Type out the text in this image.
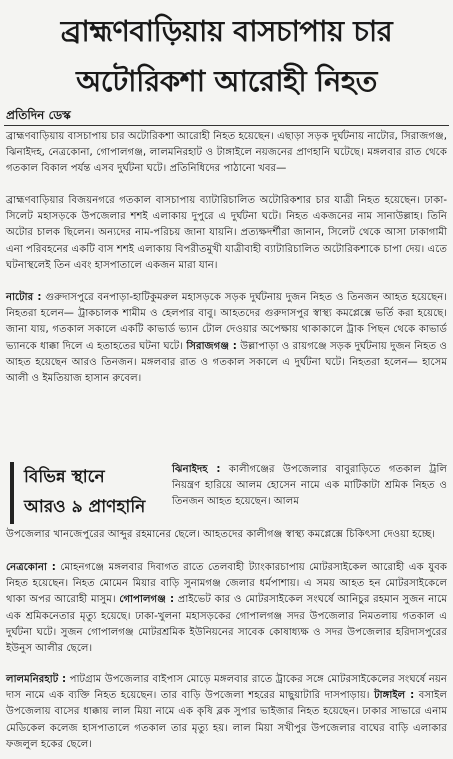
ব্রাহ্মণবাড়িয়ায় বাসচাপায় চার
অটোরিকশা আরোহী নিহত
প্রতিদিন ডেস্ক

ব্রাহ্মণবাড়িয়ায় বাসচাপায় চার অটোরিকশা আরোহী নিহত হয়েছেন। এছাড়া সড়ক দুর্ঘটনায় নাটোর, সিরাজগঞ্জ, ঝিনাইদহ, নেত্রকোনা, গোপালগঞ্জ, লালমনিরহাট ও টাঙ্গাইলে নয়জনের প্রাণহানি ঘটেছে। মঙ্গলবার রাত থেকে গতকাল বিকাল পর্যন্ত এসব দুর্ঘটনা ঘটে। প্রতিনিধিদের পাঠানো খবর—

ব্রাহ্মণবাড়িয়ার বিজয়নগরে গতকাল বাসচাপায় ব্যাটারিচালিত অটোরিকশার চার যাত্রী নিহত হয়েছেন। ঢাকা-সিলেট মহাসড়কে উপজেলার শশই এলাকায় দুপুরে এ দুর্ঘটনা ঘটে। নিহত একজনের নাম সানাউল্লাহ। তিনি অটোর চালক ছিলেন। অন্যদের নাম-পরিচয় জানা যায়নি। প্রত্যক্ষদর্শীরা জানান, সিলেট থেকে আসা ঢাকাগামী এনা পরিবহনের একটি বাস শশই এলাকায় বিপরীতমুখী যাত্রীবাহী ব্যাটারিচালিত অটোরিকশাকে চাপা দেয়। এতে ঘটনাস্থলেই তিন এবং হাসপাতালে একজন মারা যান।

নাটোর : গুরুদাসপুরে বনপাড়া-হাটিকুমরুল মহাসড়কে সড়ক দুর্ঘটনায় দুজন নিহত ও তিনজন আহত হয়েছেন। নিহতরা হলেন— ট্রাকচালক শামীম ও হেলপার বাবু। আহতদের গুরুদাসপুর স্বাস্থ্য কমপ্লেক্সে ভর্তি করা হয়েছে। জানা যায়, গতকাল সকালে একটি কাভার্ড ভ্যান টোল দেওয়ার অপেক্ষায় থাকাকালে ট্রাক পিছন থেকে কাভার্ড ভ্যানকে ধাক্কা দিলে এ হতাহতের ঘটনা ঘটে। সিরাজগঞ্জ : উল্লাপাড়া ও রায়গঞ্জে সড়ক দুর্ঘটনায় দুজন নিহত ও আহত হয়েছেন আরও তিনজন। মঙ্গলবার রাত ও গতকাল সকালে এ দুর্ঘটনা ঘটে। নিহতরা হলেন— হাসেম আলী ও ইমতিয়াজ হাসান রুবেল।

বিভিন্ন স্থানে
আরও ৯ প্রাণহানি

ঝিনাইদহ : কালীগঞ্জের উপজেলার বাবুরাড়িতে গতকাল ট্রলি নিয়ন্ত্রণ হারিয়ে আলম হোসেন নামে এক মাটিকাটা শ্রমিক নিহত ও তিনজন আহত হয়েছেন। আলম

উপজেলার খানজেপুরের আব্দুর রহমানের ছেলে। আহতদের কালীগঞ্জ স্বাস্থ্য কমপ্লেক্সে চিকিৎসা দেওয়া হচ্ছে।

নেত্রকোনা : মোহনগঞ্জে মঙ্গলবার দিবাগত রাতে তেলবাহী ট্যাংকারচাপায় মোটরসাইকেল আরোহী এক যুবক নিহত হয়েছেন। নিহত মোমেন মিয়ার বাড়ি সুনামগঞ্জ জেলার ধর্মপাশায়। এ সময় আহত হন মোটরসাইকেলে থাকা অপর আরোহী মাসুম। গোপালগঞ্জ : প্রাইভেট কার ও মোটরসাইকেল সংঘর্ষে আনিচুর রহমান সুজন নামে এক শ্রমিকনেতার মৃত্যু হয়েছে। ঢাকা-খুলনা মহাসড়কের গোপালগঞ্জ সদর উপজেলার নিমতলায় গতকাল এ দুর্ঘটনা ঘটে। সুজন গোপালগঞ্জ মোটরশ্রমিক ইউনিয়নের সাবেক কোষাধ্যক্ষ ও সদর উপজেলার হরিদাসপুরের ইউনুস আলীর ছেলে।

লালমনিরহাট : পাটগ্রাম উপজেলার বাইপাস মোড়ে মঙ্গলবার রাতে ট্রাকের সঙ্গে মোটরসাইকেলের সংঘর্ষে নয়ন দাস নামে এক ব্যক্তি নিহত হয়েছেন। তার বাড়ি উপজেলা শহরের মাছুয়াটারি দাসপাড়ায়। টাঙ্গাইল : বসাইল উপজেলায় বাসের ধাক্কায় লাল মিয়া নামে এক কৃষি ব্লক সুপার ভাইজার নিহত হয়েছেন। ঢাকার সাভারে এনাম মেডিকেল কলেজ হাসপাতালে গতকাল তার মৃত্যু হয়। লাল মিয়া সখীপুর উপজেলার বাঘের বাড়ি এলাকার ফজলুল হকের ছেলে।
